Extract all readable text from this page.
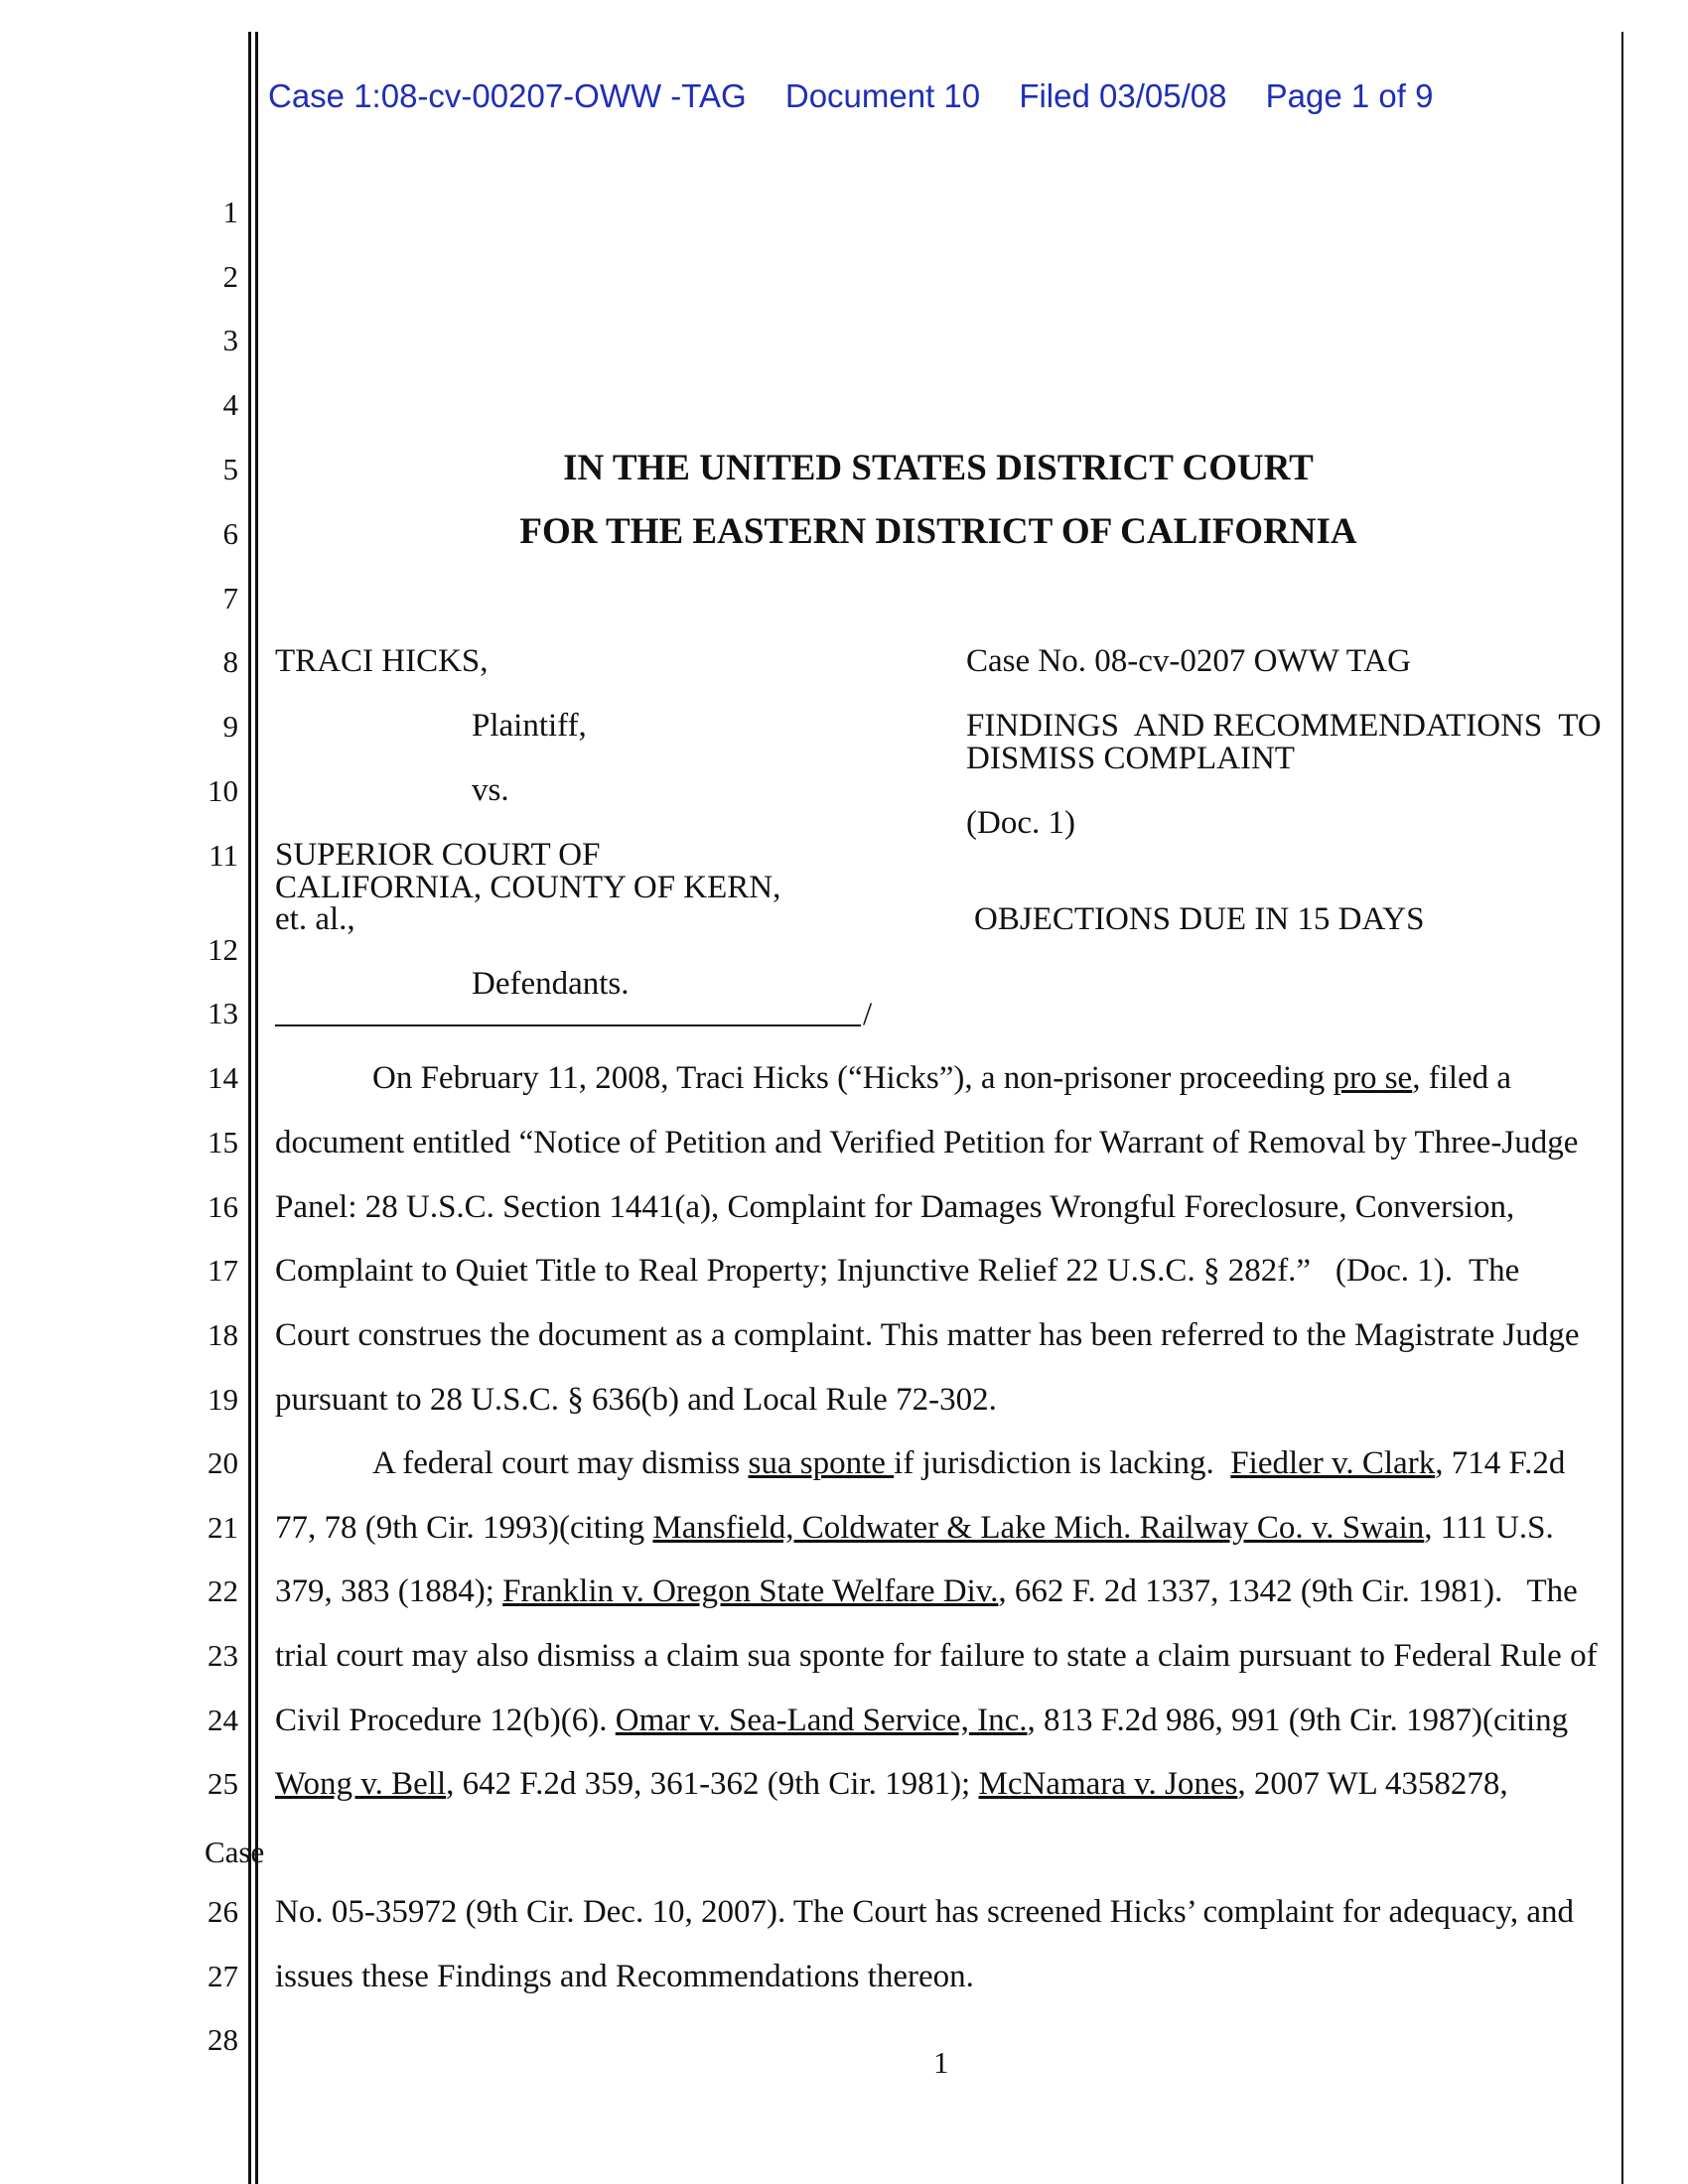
Case 1:08-cv-00207-OWW -TAG Document 10 Filed 03/05/08 Page 1 of 9
1
2
3
4
5
6
7
8
9
10
11
12
13
14
15
16
17
18
19
20
21
22
23
24
25
26
27
28
IN THE UNITED STATES DISTRICT COURT
FOR THE EASTERN DISTRICT OF CALIFORNIA
TRACI HICKS,
Plaintiff,
vs.
SUPERIOR COURT OF
CALIFORNIA, COUNTY OF KERN,
et. al.,
Defendants.
/
Case No. 08-cv-0207 OWW TAG
FINDINGS  AND RECOMMENDATIONS  TO
DISMISS COMPLAINT
(Doc. 1)
OBJECTIONS DUE IN 15 DAYS
On February 11, 2008, Traci Hicks (“Hicks”), a non-prisoner proceeding pro se, filed a
document entitled “Notice of Petition and Verified Petition for Warrant of Removal by Three-Judge
Panel: 28 U.S.C. Section 1441(a), Complaint for Damages Wrongful Foreclosure, Conversion,
Complaint to Quiet Title to Real Property; Injunctive Relief 22 U.S.C. § 282f.”   (Doc. 1).  The
Court construes the document as a complaint. This matter has been referred to the Magistrate Judge
pursuant to 28 U.S.C. § 636(b) and Local Rule 72-302.
A federal court may dismiss sua sponte if jurisdiction is lacking.  Fiedler v. Clark, 714 F.2d
77, 78 (9th Cir. 1993)(citing Mansfield, Coldwater & Lake Mich. Railway Co. v. Swain, 111 U.S.
379, 383 (1884); Franklin v. Oregon State Welfare Div., 662 F. 2d 1337, 1342 (9th Cir. 1981).   The
trial court may also dismiss a claim sua sponte for failure to state a claim pursuant to Federal Rule of
Civil Procedure 12(b)(6). Omar v. Sea-Land Service, Inc., 813 F.2d 986, 991 (9th Cir. 1987)(citing
Wong v. Bell, 642 F.2d 359, 361-362 (9th Cir. 1981); McNamara v. Jones, 2007 WL 4358278,
Case
No. 05-35972 (9th Cir. Dec. 10, 2007). The Court has screened Hicks’ complaint for adequacy, and
issues these Findings and Recommendations thereon.
1
